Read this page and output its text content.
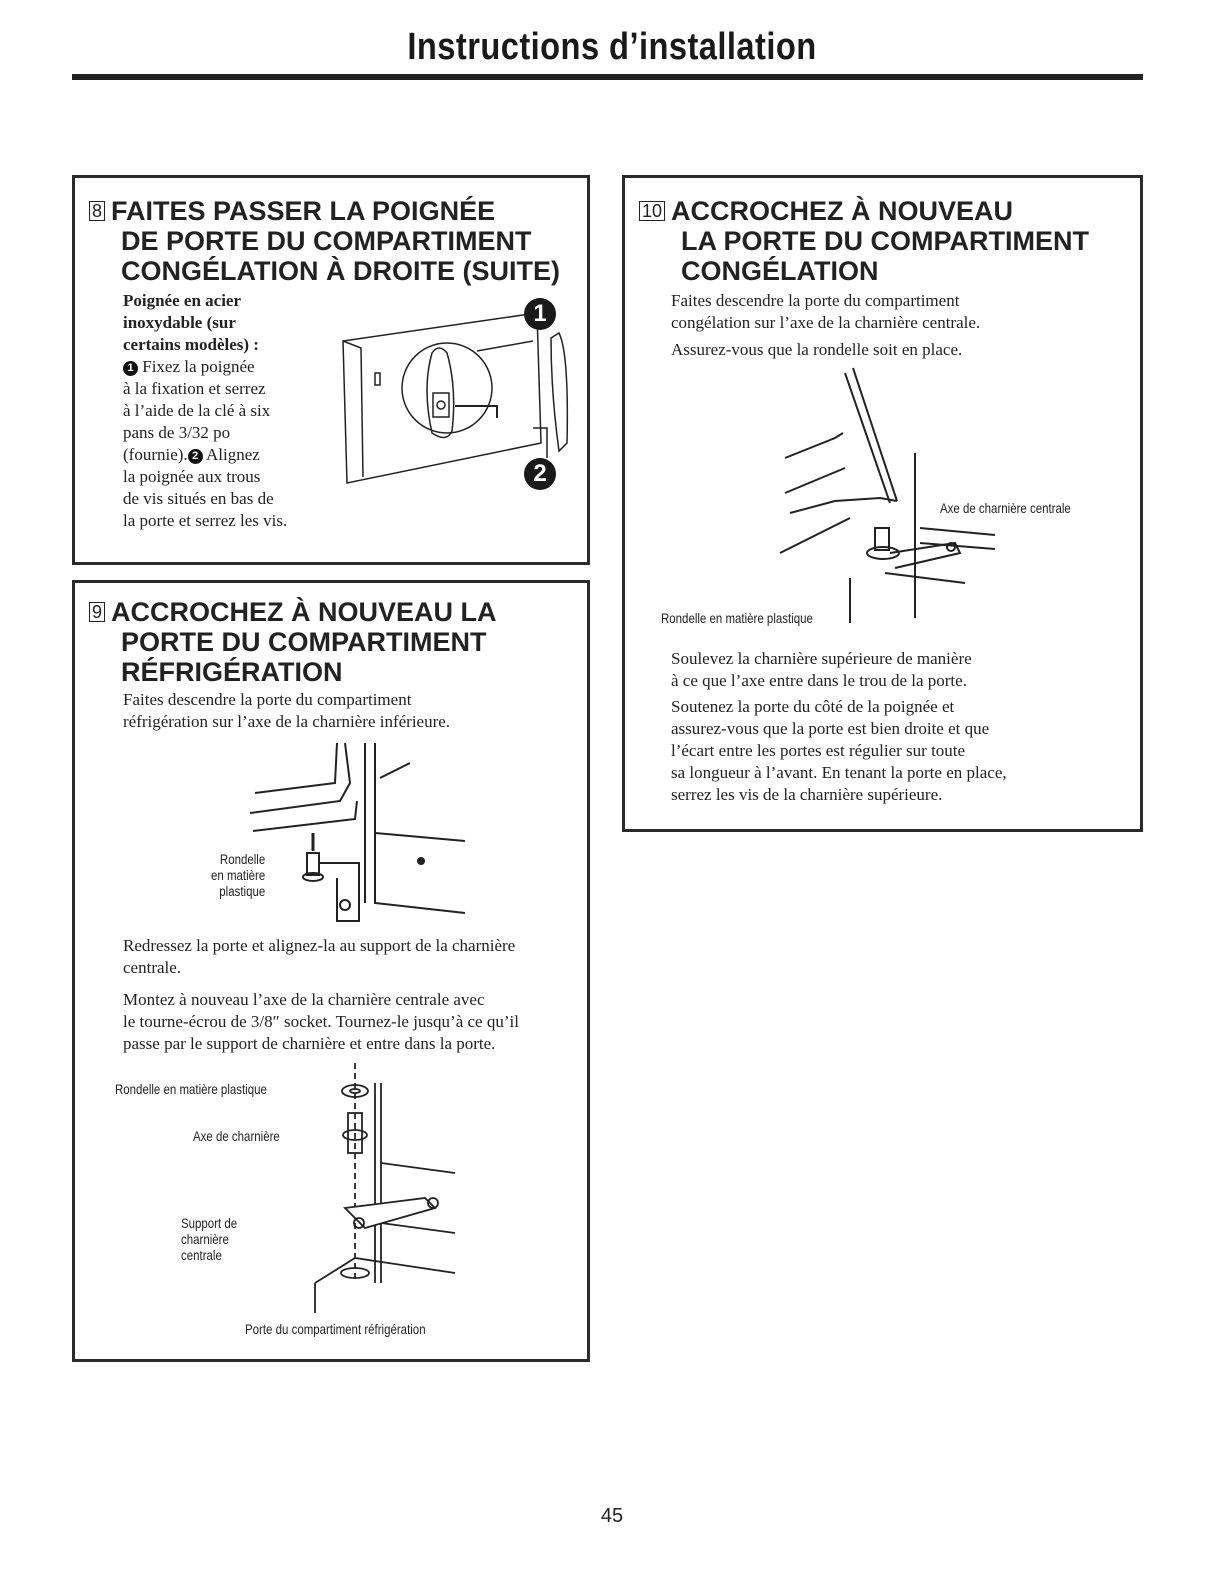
Instructions d’installation
8 FAITES PASSER LA POIGNÉE
DE PORTE DU COMPARTIMENT
CONGÉLATION À DROITE (SUITE)
Poignée en acier
inoxydable (sur
certains modèles) :
1 Fixez la poignée
à la fixation et serrez
à l’aide de la clé à six
pans de 3/32 po
(fournie). 2 Alignez
la poignée aux trous
de vis situés en bas de
la porte et serrez les vis.
1
2
9 ACCROCHEZ À NOUVEAU LA
PORTE DU COMPARTIMENT
RÉFRIGÉRATION
Faites descendre la porte du compartiment
réfrigération sur l’axe de la charnière inférieure.
Rondelle
en matière
plastique
Redressez la porte et alignez-la au support de la charnière
centrale.
Montez à nouveau l’axe de la charnière centrale avec
le tourne-écrou de 3/8″ socket. Tournez-le jusqu’à ce qu’il
passe par le support de charnière et entre dans la porte.
Rondelle en matière plastique
Axe de charnière
Support de
charnière
centrale
Porte du compartiment réfrigération
10 ACCROCHEZ À NOUVEAU
LA PORTE DU COMPARTIMENT
CONGÉLATION
Faites descendre la porte du compartiment
congélation sur l’axe de la charnière centrale.
Assurez-vous que la rondelle soit en place.
Axe de charnière centrale
Rondelle en matière plastique
Soulevez la charnière supérieure de manière
à ce que l’axe entre dans le trou de la porte.
Soutenez la porte du côté de la poignée et
assurez-vous que la porte est bien droite et que
l’écart entre les portes est régulier sur toute
sa longueur à l’avant. En tenant la porte en place,
serrez les vis de la charnière supérieure.
45
